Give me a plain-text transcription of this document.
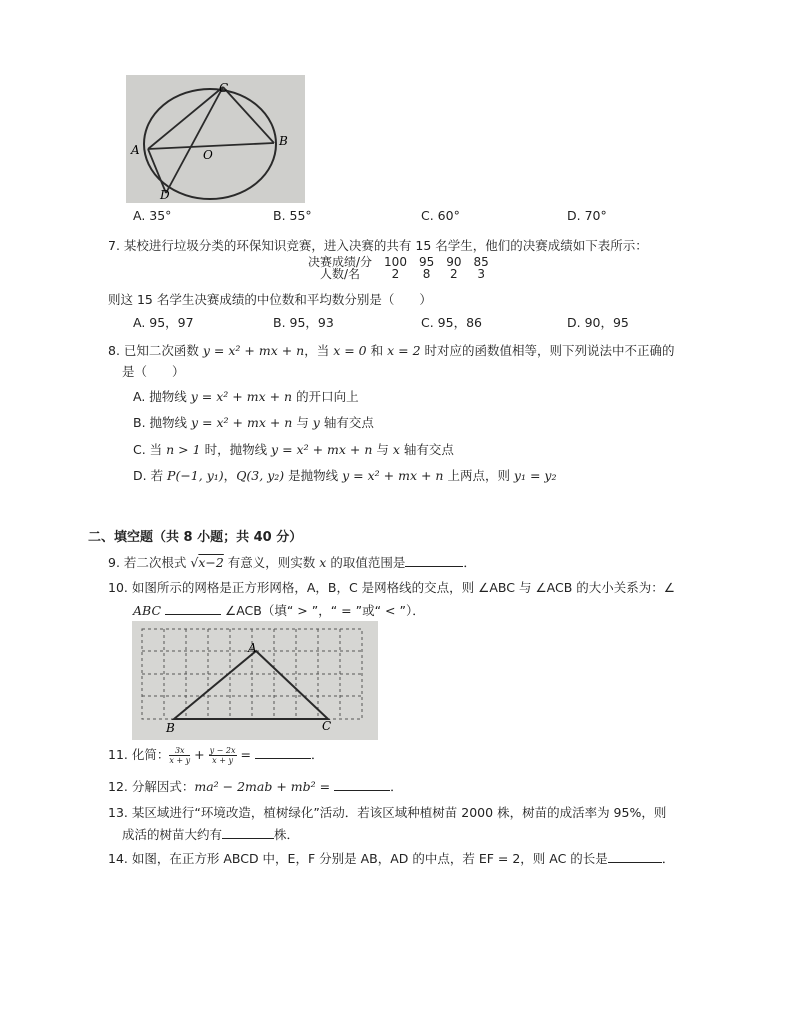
C
A
B
O
D
A. 35°	B. 55°	C. 60°	D. 70°
7. 某校进行垃圾分类的环保知识竞赛，进入决赛的共有 15 名学生，他们的决赛成绩如下表所示：
决赛成绩/分	100	95	90	85
人数/名	2	8	2	3
则这 15 名学生决赛成绩的中位数和平均数分别是（　　）
A. 95，97	B. 95，93	C. 95，86	D. 90，95
8. 已知二次函数 y = x² + mx + n，当 x = 0 和 x = 2 时对应的函数值相等，则下列说法中不正确的
是（　　）
A. 抛物线 y = x² + mx + n 的开口向上
B. 抛物线 y = x² + mx + n 与 y 轴有交点
C. 当 n > 1 时，抛物线 y = x² + mx + n 与 x 轴有交点
D. 若 P(−1, y₁)，Q(3, y₂) 是抛物线 y = x² + mx + n 上两点，则 y₁ = y₂
二、填空题（共 8 小题；共 40 分）
9. 若二次根式 √x−2 有意义，则实数 x 的取值范围是	．
10. 如图所示的网格是正方形网格，A，B，C 是网格线的交点，则 ∠ABC 与 ∠ACB 的大小关系为：∠
ABC	∠ACB（填“ > ”，“ = ”或“ < ”）．
A
B	C
11. 化简： $\frac{3x}{x + y} + \frac{y - 2x}{x + y}$ =	．
12. 分解因式：ma² − 2mab + mb² =	．
13. 某区域进行“环境改造，植树绿化”活动．若该区域种植树苗 2000 株，树苗的成活率为 95%，则
成活的树苗大约有	株．
14. 如图，在正方形 ABCD 中，E，F 分别是 AB，AD 的中点，若 EF = 2，则 AC 的长是	．
